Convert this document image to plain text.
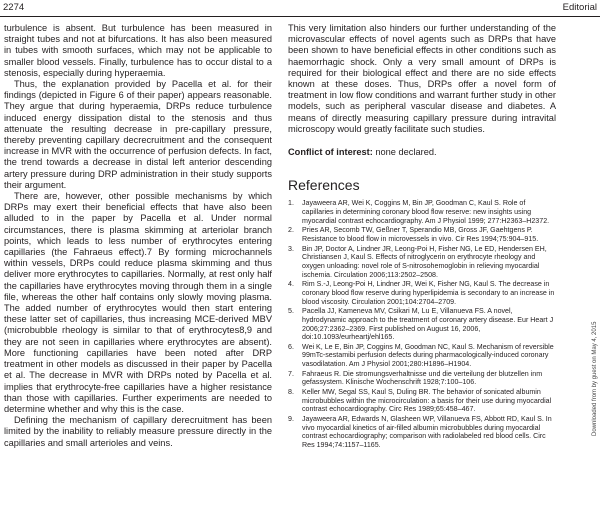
2274	Editorial

turbulence is absent. But turbulence has been measured in straight tubes and not at bifurcations. It has also been measured in tubes with smooth surfaces, which may not be applicable to smaller blood vessels. Finally, turbulence has to occur distal to a stenosis, especially during hyperaemia.

Thus, the explanation provided by Pacella et al. for their findings (depicted in Figure 6 of their paper) appears reasonable. They argue that during hyperaemia, DRPs reduce turbulence induced energy dissipation distal to the stenosis and thus attenuate the resulting decrease in pre-capillary pressure, thereby preventing capillary decrecruitment and the consequent increase in MVR with the occurrence of perfusion defects. In fact, the trend towards a decrease in distal left anterior descending artery pressure during DRP administration in their study supports their argument.

There are, however, other possible mechanisms by which DRPs may exert their beneficial effects that have also been alluded to in the paper by Pacella et al. Under normal circumstances, there is plasma skimming at arteriolar branch points, which leads to less number of erythrocytes entering capillaries (the Fahraeus effect).7 By forming microchannels within vessels, DRPs could reduce plasma skimming and thus deliver more erythrocytes to capillaries. Normally, at rest only half the capillaries have erythrocytes moving through them in a single file, whereas the other half contains only slowly moving plasma. The added number of erythrocytes would then start entering these latter set of capillaries, thus increasing MCE-derived MBV (microbubble rheology is similar to that of erythrocytes8,9 and they are not seen in capillaries where erythrocytes are absent). More functioning capillaries have been noted after DRP treatment in other models as discussed in their paper by Pacella et al. The decrease in MVR with DRPs noted by Pacella et al. implies that erythrocyte-free capillaries have a higher resistance than those with capillaries. Further experiments are needed to determine whether and why this is the case.

Defining the mechanism of capillary derecruitment has been limited by the inability to reliably measure pressure directly in the capillaries and small arterioles and veins.

This very limitation also hinders our further understanding of the microvascular effects of novel agents such as DRPs that have been shown to have beneficial effects in other conditions such as haemorrhagic shock. Only a very small amount of DRPs is required for their biological effect and there are no side effects known at these doses. Thus, DRPs offer a novel form of treatment in low flow conditions and warrant further study in other models, such as peripheral vascular disease and diabetes. A means of directly measuring capillary pressure during intravital microscopy would greatly facilitate such studies.

Conflict of interest: none declared.
References
1. Jayaweera AR, Wei K, Coggins M, Bin JP, Goodman C, Kaul S. Role of capillaries in determining coronary blood flow reserve: new insights using myocardial contrast echocardiography. Am J Physiol 1999; 277:H2363–H2372.
2. Pries AR, Secomb TW, Geßner T, Sperandio MB, Gross JF, Gaehtgens P. Resistance to blood flow in microvessels in vivo. Cir Res 1994;75:904–915.
3. Bin JP, Doctor A, Lindner JR, Leong-Poi H, Fisher NG, Le ED, Hendersen EH, Christiansen J, Kaul S. Effects of nitroglycerin on erythrocyte rheology and oxygen unloading: novel role of S-nitrosohemoglobin in relieving myocardial ischemia. Circulation 2006;113:2502–2508.
4. Rim S.-J, Leong-Poi H, Lindner JR, Wei K, Fisher NG, Kaul S. The decrease in coronary blood flow reserve during hyperlipidemia is secondary to an increase in blood viscosity. Circulation 2001;104:2704–2709.
5. Pacella JJ, Kameneva MV, Csikari M, Lu E, Villanueva FS. A novel, hydrodynamic approach to the treatment of coronary artery disease. Eur Heart J 2006;27:2362–2369. First published on August 16, 2006, doi:10.1093/eurheartj/ehl165.
6. Wei K, Le E, Bin JP, Coggins M, Goodman NC, Kaul S. Mechanism of reversible 99mTc-sestamibi perfusion defects during pharmacologically-induced coronary vasodilatation. Am J Physiol 2001;280:H1896–H1904.
7. Fahraeus R. Die stromungsverhaltnisse und die verteilung der blutzellen inm gefassystem. Klinische Wochenschrift 1928;7:100–106.
8. Keller MW, Segal SS, Kaul S, Duling BR. The behavior of sonicated albumin microbubbles within the microcirculation: a basis for their use during myocardial contrast echocardiography. Circ Res 1989;65:458–467.
9. Jayaweera AR, Edwards N, Glasheen WP, Villanueva FS, Abbott RD, Kaul S. In vivo myocardial kinetics of air-filled albumin microbubbles during myocardial contrast echocardiography; comparison with radiolabeled red blood cells. Circ Res 1994;74:1157–1165.
Downloaded from by guest on May 4, 2015
